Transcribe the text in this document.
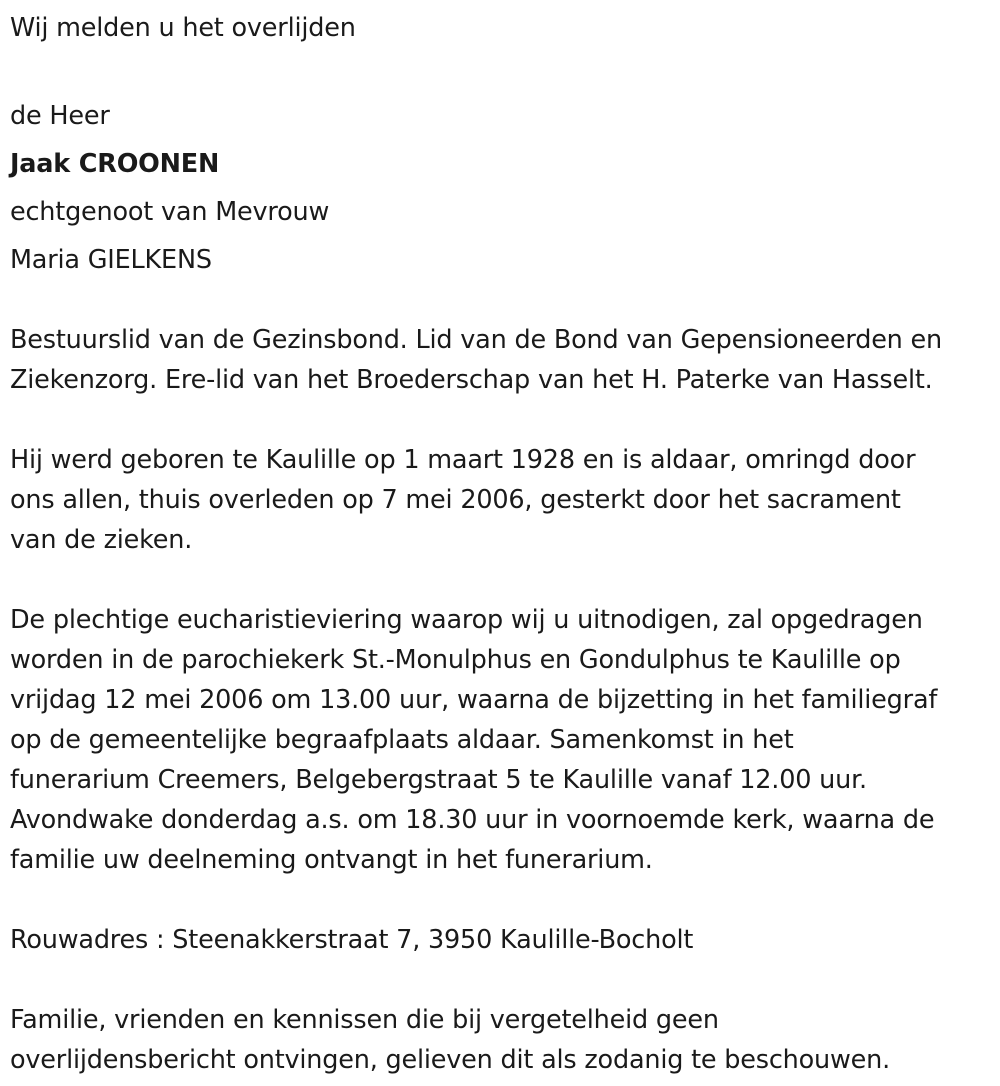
Wij melden u het overlijden
de Heer
Jaak CROONEN
echtgenoot van Mevrouw
Maria GIELKENS
Bestuurslid van de Gezinsbond. Lid van de Bond van Gepensioneerden en
Ziekenzorg. Ere-lid van het Broederschap van het H. Paterke van Hasselt.
Hij werd geboren te Kaulille op 1 maart 1928 en is aldaar, omringd door
ons allen, thuis overleden op 7 mei 2006, gesterkt door het sacrament
van de zieken.
De plechtige eucharistieviering waarop wij u uitnodigen, zal opgedragen
worden in de parochiekerk St.-Monulphus en Gondulphus te Kaulille op
vrijdag 12 mei 2006 om 13.00 uur, waarna de bijzetting in het familiegraf
op de gemeentelijke begraafplaats aldaar. Samenkomst in het
funerarium Creemers, Belgebergstraat 5 te Kaulille vanaf 12.00 uur.
Avondwake donderdag a.s. om 18.30 uur in voornoemde kerk, waarna de
familie uw deelneming ontvangt in het funerarium.
Rouwadres : Steenakkerstraat 7, 3950 Kaulille-Bocholt
Familie, vrienden en kennissen die bij vergetelheid geen
overlijdensbericht ontvingen, gelieven dit als zodanig te beschouwen.
